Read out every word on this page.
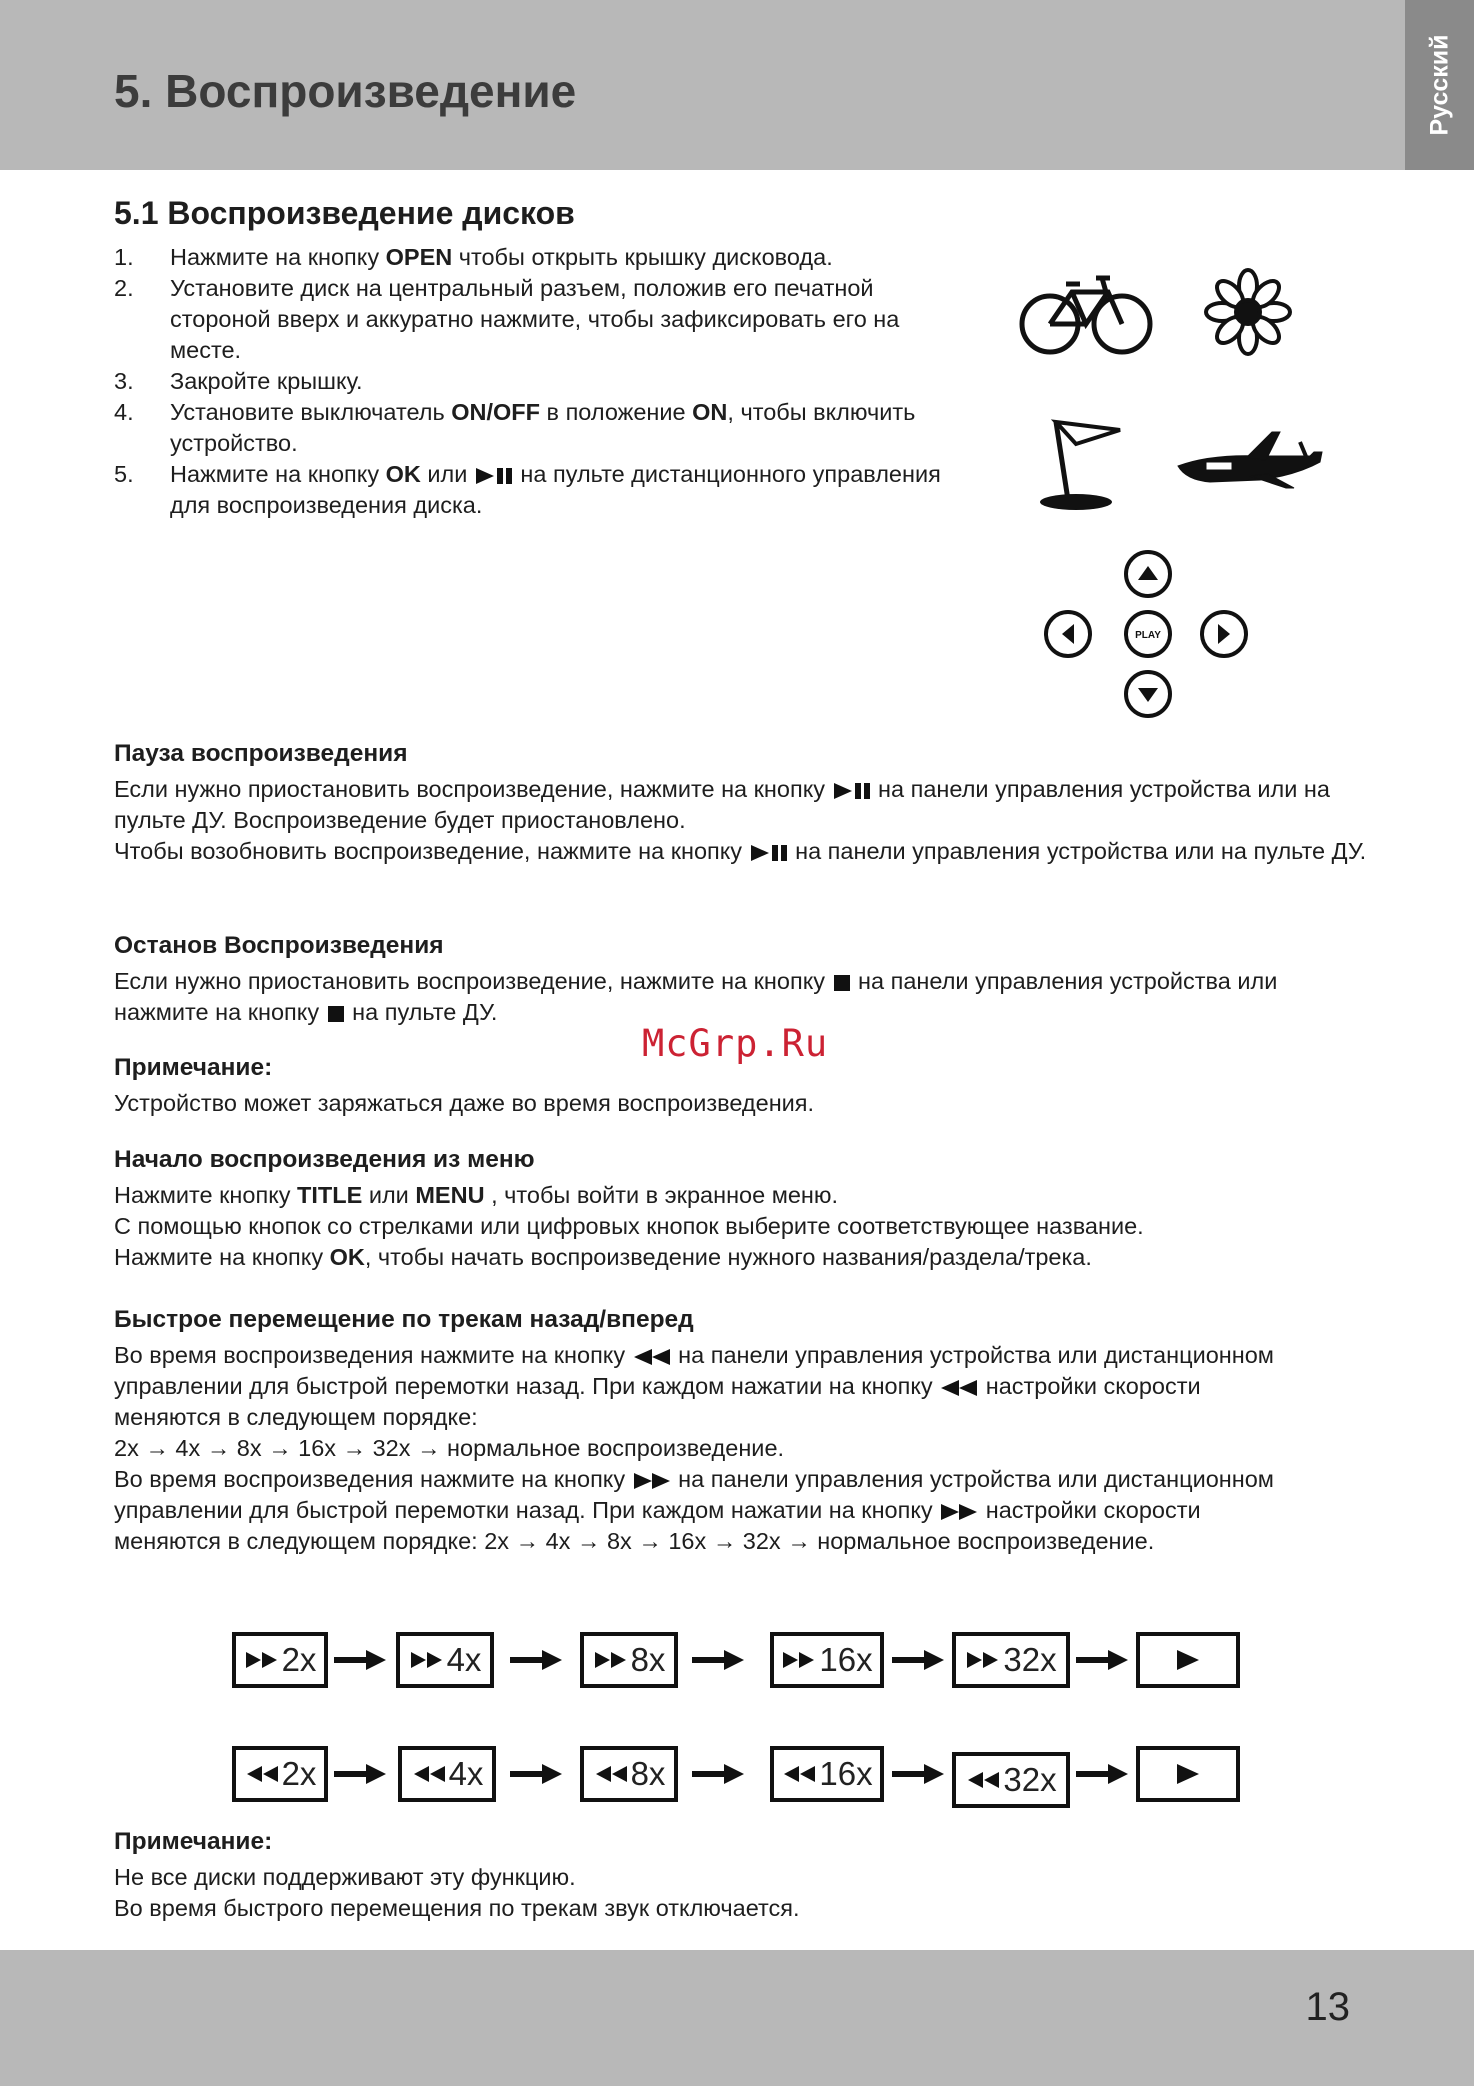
5. Воспроизведение	Русский
5.1 Воспроизведение дисков
1. Нажмите на кнопку OPEN чтобы открыть крышку дисковода.
2. Установите диск на центральный разъем, положив его печатной стороной вверх и аккуратно нажмите, чтобы зафиксировать его на месте.
3. Закройте крышку.
4. Установите выключатель ON/OFF в положение ON, чтобы включить устройство.
5. Нажмите на кнопку OK или  на пульте дистанционного управления для воспроизведения диска.
PLAY
Пауза воспроизведения

Если нужно приостановить воспроизведение, нажмите на кнопку  на панели управления устройства или на пульте ДУ. Воспроизведение будет приостановлено.
Чтобы возобновить воспроизведение, нажмите на кнопку  на панели управления устройства или на пульте ДУ.

Останов Воспроизведения

Если нужно приостановить воспроизведение, нажмите на кнопку  на панели управления устройства или нажмите на кнопку  на пульте ДУ.

McGrp.Ru
Примечание:

Устройство может заряжаться даже во время воспроизведения.

Начало воспроизведения из меню

Нажмите кнопку TITLE или MENU , чтобы войти в экранное меню.
С помощью кнопок со стрелками или цифровых кнопок выберите соответствующее название.
Нажмите на кнопку OK, чтобы начать воспроизведение нужного названия/раздела/трека.

Быстрое перемещение по трекам назад/вперед

Во время воспроизведения нажмите на кнопку  на панели управления устройства или дистанционном управлении для быстрой перемотки назад. При каждом нажатии на кнопку  настройки скорости меняются в следующем порядке:
2x → 4x → 8x → 16x → 32x → нормальное воспроизведение.
Во время воспроизведения нажмите на кнопку  на панели управления устройства или дистанционном управлении для быстрой перемотки назад. При каждом нажатии на кнопку  настройки скорости меняются в следующем порядке: 2x → 4x → 8x → 16x → 32x → нормальное воспроизведение.

2x	4x	8x	16x	32x
2x	4x	8x	16x	32x
Примечание:

Не все диски поддерживают эту функцию.
Во время быстрого перемещения по трекам звук отключается.

13
